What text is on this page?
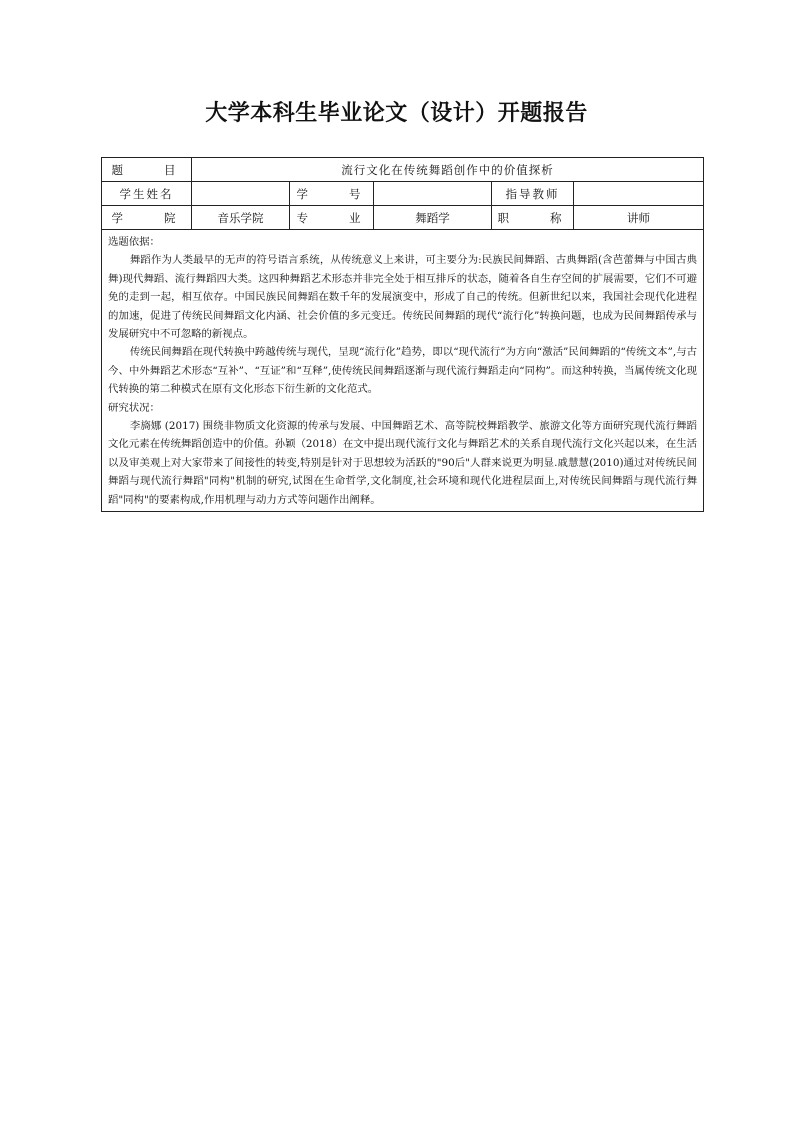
大学本科生毕业论文（设计）开题报告
题　　目	流行文化在传统舞蹈创作中的价值探析				
学生姓名		学　　号		指导教师	
学　　院	音乐学院	专　　业	舞蹈学	职　　称	讲师

选题依据：
舞蹈作为人类最早的无声的符号语言系统，从传统意义上来讲，可主要分为:民族民间舞蹈、古典舞蹈(含芭蕾舞与中国古典舞)现代舞蹈、流行舞蹈四大类。这四种舞蹈艺术形态并非完全处于相互排斥的状态，随着各自生存空间的扩展需要，它们不可避免的走到一起，相互依存。中国民族民间舞蹈在数千年的发展演变中，形成了自己的传统。但新世纪以来，我国社会现代化进程的加速，促进了传统民间舞蹈文化内涵、社会价值的多元变迁。传统民间舞蹈的现代“流行化”转换问题，也成为民间舞蹈传承与发展研究中不可忽略的新视点。
传统民间舞蹈在现代转换中跨越传统与现代，呈现“流行化”趋势，即以“现代流行”为方向“激活”民间舞蹈的“传统文本”,与古今、中外舞蹈艺术形态“互补”、“互证”和“互释”,使传统民间舞蹈逐渐与现代流行舞蹈走向“同构”。而这种转换，当属传统文化现代转换的第二种模式在原有文化形态下衍生新的文化范式。
研究状况：
李旖娜 (2017) 围绕非物质文化资源的传承与发展、中国舞蹈艺术、高等院校舞蹈教学、旅游文化等方面研究现代流行舞蹈文化元素在传统舞蹈创造中的价值。孙颖（2018）在文中提出现代流行文化与舞蹈艺术的关系自现代流行文化兴起以来，在生活以及审美观上对大家带来了间接性的转变,特别是针对于思想较为活跃的"90后"人群来说更为明显.戚慧慧(2010)通过对传统民间舞蹈与现代流行舞蹈"同构"机制的研究,试图在生命哲学,文化制度,社会环境和现代化进程层面上,对传统民间舞蹈与现代流行舞蹈"同构"的要素构成,作用机理与动力方式等问题作出阐释。					
